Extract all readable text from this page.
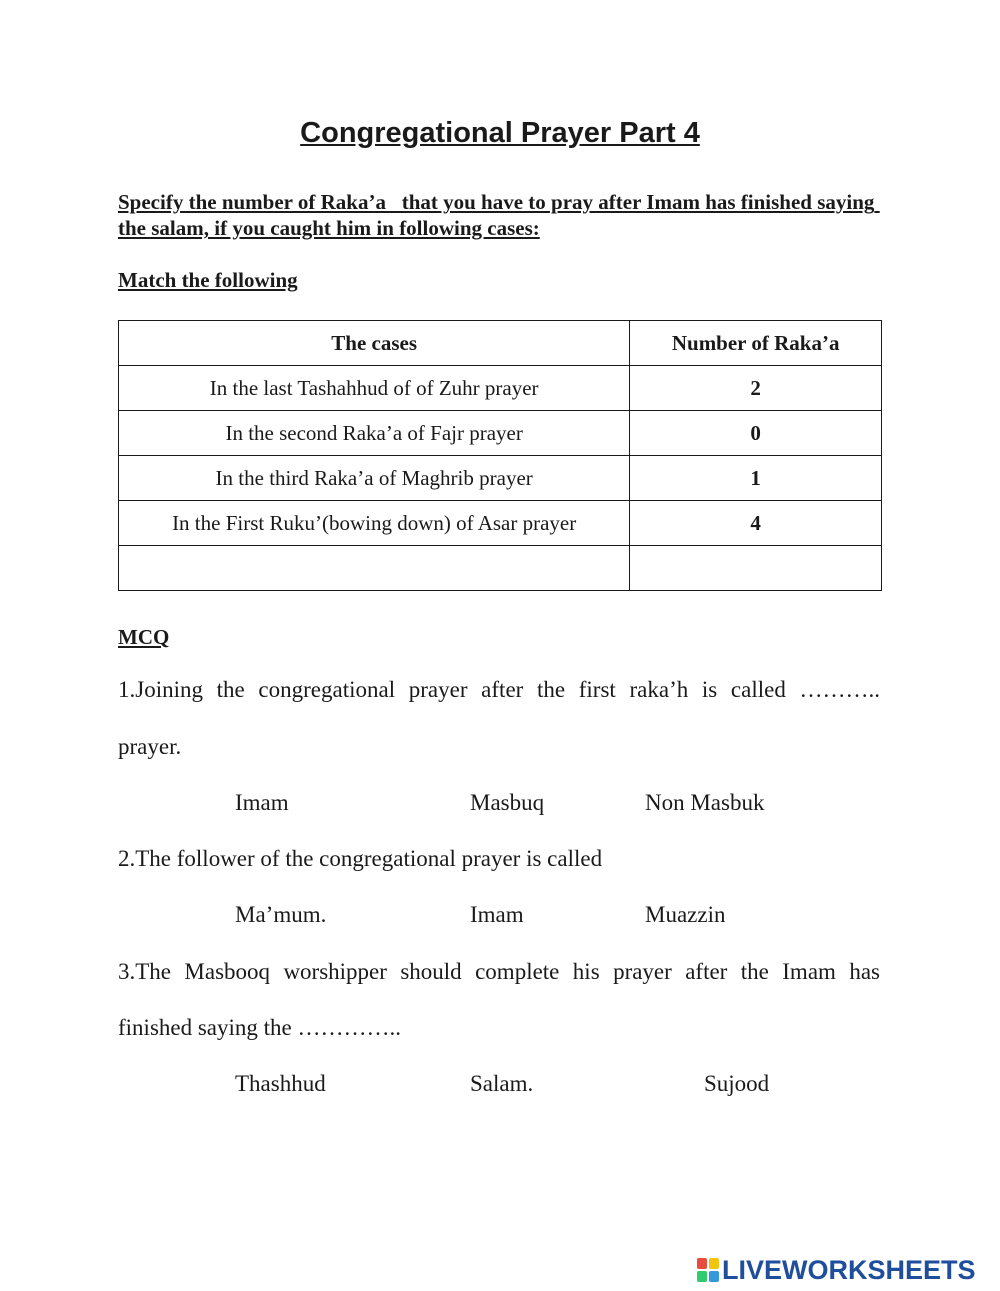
Congregational Prayer Part 4
Specify the number of Raka’a   that you have to pray after Imam has finished saying the salam, if you caught him in following cases:
Match the following
The cases	Number of Raka’a
In the last Tashahhud of of Zuhr prayer	2
In the second Raka’a of Fajr prayer	0
In the third Raka’a of Maghrib prayer	1
In the First Ruku’(bowing down) of Asar prayer	4

MCQ
1.Joining the congregational prayer after the first raka’h is called ………..
prayer.
Imam	Masbuq	Non Masbuk
2.The follower of the congregational prayer is called
Ma’mum.	Imam	Muazzin
3.The Masbooq worshipper should complete his prayer after the Imam has
finished saying the …………..
Thashhud	Salam.	Sujood
LIVEWORKSHEETS
